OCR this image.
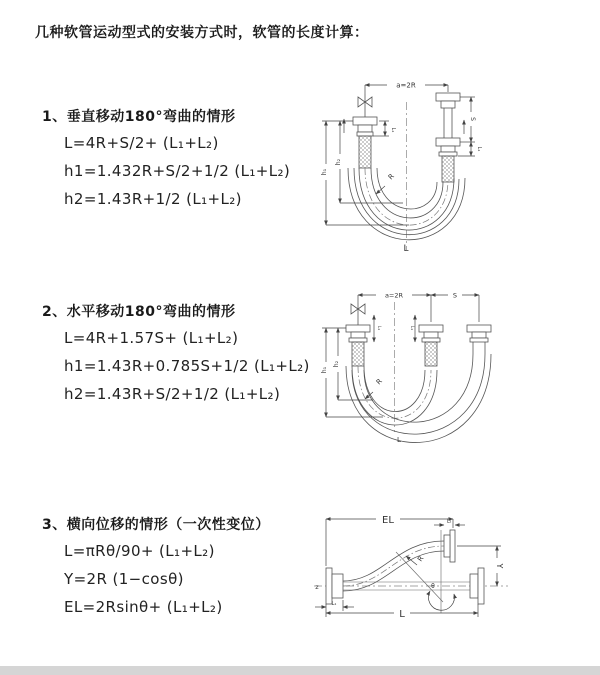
几种软管运动型式的安装方式时，软管的长度计算：
1、垂直移动180°弯曲的情形
L=4R+S/2+ (L₁+L₂)
h1=1.432R+S/2+1/2 (L₁+L₂)
h2=1.43R+1/2 (L₁+L₂)
a=2R
L₁
S
L₁
h₁
h₂
R
L
2、水平移动180°弯曲的情形
L=4R+1.57S+ (L₁+L₂)
h1=1.43R+0.785S+1/2 (L₁+L₂)
h2=1.43R+S/2+1/2 (L₁+L₂)
a=2R	S
L₁	L₁
h₁
h₂
R
L
3、横向位移的情形（一次性变位）
L=πRθ/90+ (L₁+L₂)
Y=2R (1−cosθ)
EL=2Rsinθ+ (L₁+L₂)
EL	L₂
z
L₁
Y
θ
R
L
